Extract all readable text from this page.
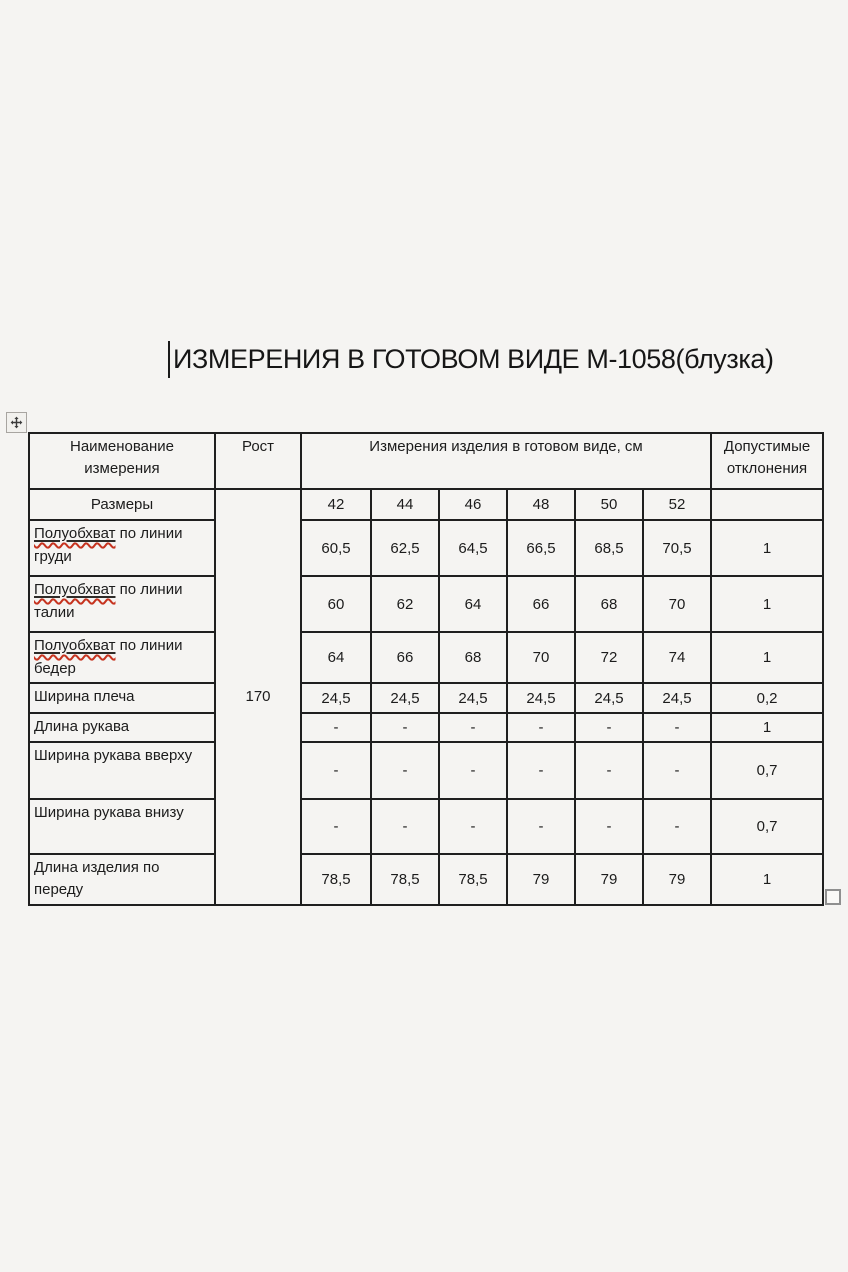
ИЗМЕРЕНИЯ В ГОТОВОМ ВИДЕ М-1058(блузка)
Наименование измерения	Рост	Измерения изделия в готовом виде, см						Допустимые отклонения
Размеры	170	42	44	46	48	50	52	
Полуобхват по линии груди		60,5	62,5	64,5	66,5	68,5	70,5	1
Полуобхват по линии талии		60	62	64	66	68	70	1
Полуобхват по линии бедер		64	66	68	70	72	74	1
Ширина плеча		24,5	24,5	24,5	24,5	24,5	24,5	0,2
Длина рукава		-	-	-	-	-	-	1
Ширина рукава вверху		-	-	-	-	-	-	0,7
Ширина рукава внизу		-	-	-	-	-	-	0,7
Длина изделия по переду		78,5	78,5	78,5	79	79	79	1
